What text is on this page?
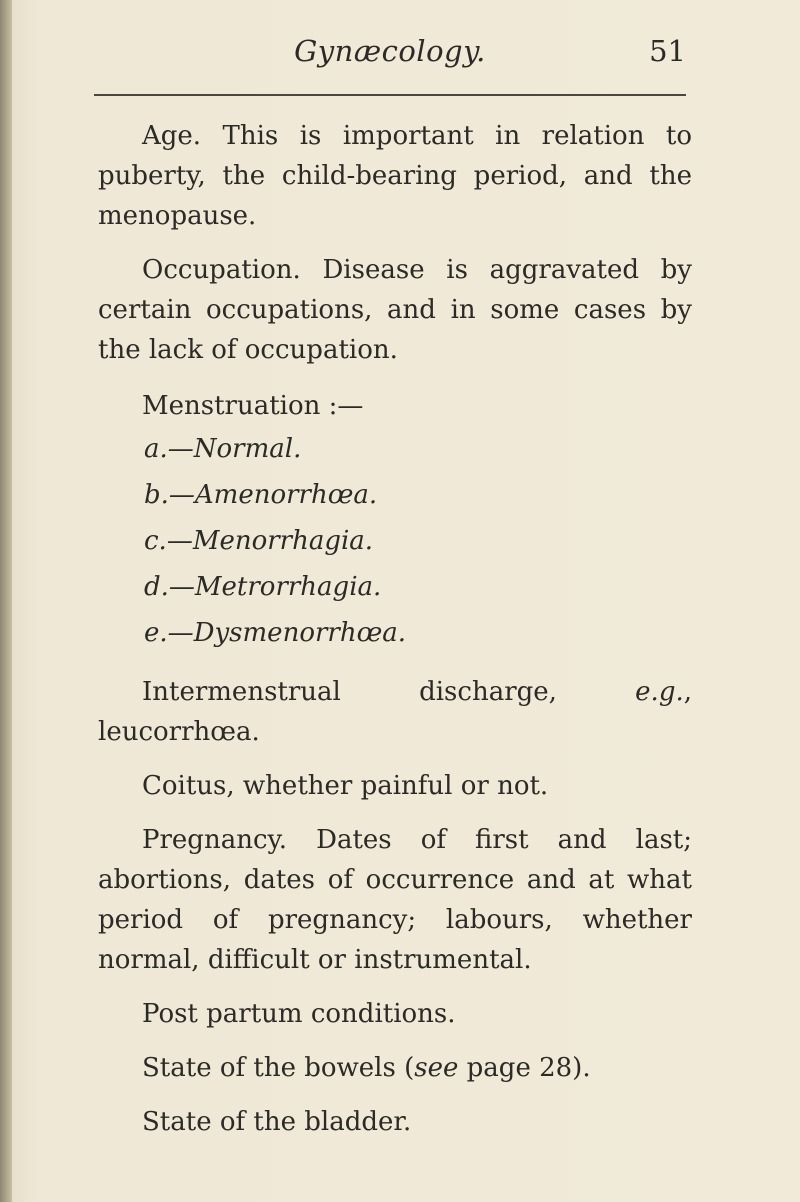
Gynæcology.	51

Age. This is important in relation to puberty, the child-bearing period, and the menopause.

Occupation. Disease is aggravated by certain occupations, and in some cases by the lack of occupation.

Menstruation :—

a.—Normal.
b.—Amenorrhœa.
c.—Menorrhagia.
d.—Metrorrhagia.
e.—Dysmenorrhœa.

Intermenstrual discharge,	e.g., leucorrhœa.

Coitus, whether painful or not.

Pregnancy. Dates of first and last; abortions, dates of occurrence and at what period of pregnancy; labours, whether normal, difficult or instrumental.

Post partum conditions.

State of the bowels (see page 28).

State of the bladder.
